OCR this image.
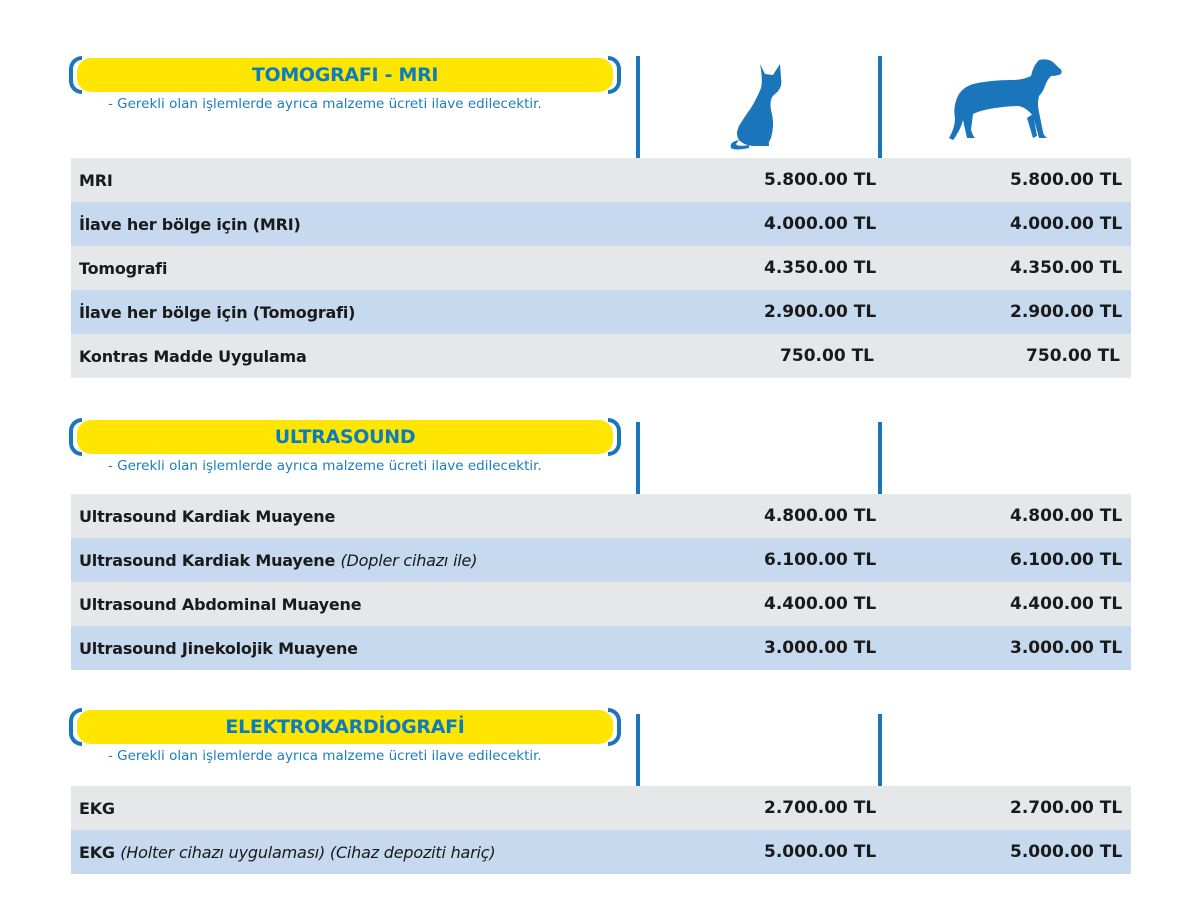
TOMOGRAFI - MRI
- Gerekli olan işlemlerde ayrıca malzeme ücreti ilave edilecektir.
MRI	5.800.00 TL	5.800.00 TL
İlave her bölge için (MRI)	4.000.00 TL	4.000.00 TL
Tomografi	4.350.00 TL	4.350.00 TL
İlave her bölge için (Tomografi)	2.900.00 TL	2.900.00 TL
Kontras Madde Uygulama	750.00 TL	750.00 TL
ULTRASOUND
- Gerekli olan işlemlerde ayrıca malzeme ücreti ilave edilecektir.
Ultrasound Kardiak Muayene	4.800.00 TL	4.800.00 TL
Ultrasound Kardiak Muayene (Dopler cihazı ile)	6.100.00 TL	6.100.00 TL
Ultrasound Abdominal Muayene	4.400.00 TL	4.400.00 TL
Ultrasound Jinekolojik Muayene	3.000.00 TL	3.000.00 TL
ELEKTROKARDİOGRAFİ
- Gerekli olan işlemlerde ayrıca malzeme ücreti ilave edilecektir.
EKG	2.700.00 TL	2.700.00 TL
EKG (Holter cihazı uygulaması) (Cihaz depoziti hariç)	5.000.00 TL	5.000.00 TL
